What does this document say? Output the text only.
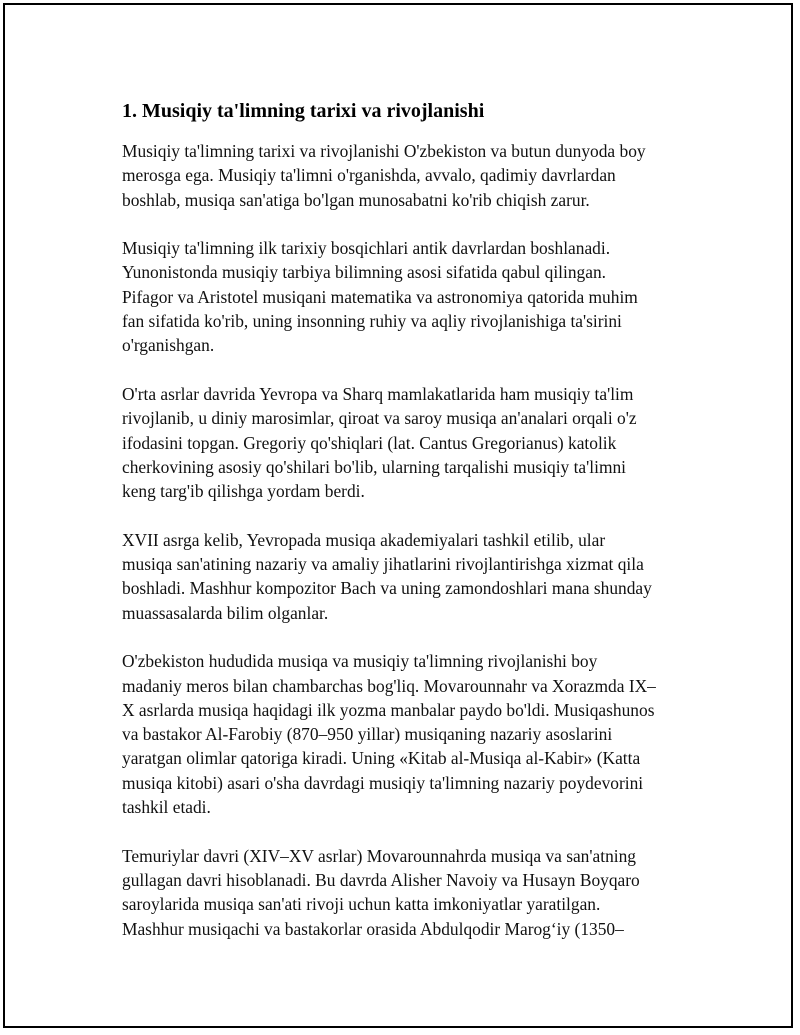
1. Musiqiy ta'limning tarixi va rivojlanishi

Musiqiy ta'limning tarixi va rivojlanishi O'zbekiston va butun dunyoda boy
merosga ega. Musiqiy ta'limni o'rganishda, avvalo, qadimiy davrlardan
boshlab, musiqa san'atiga bo'lgan munosabatni ko'rib chiqish zarur.

Musiqiy ta'limning ilk tarixiy bosqichlari antik davrlardan boshlanadi.
Yunonistonda musiqiy tarbiya bilimning asosi sifatida qabul qilingan.
Pifagor va Aristotel musiqani matematika va astronomiya qatorida muhim
fan sifatida ko'rib, uning insonning ruhiy va aqliy rivojlanishiga ta'sirini
o'rganishgan.

O'rta asrlar davrida Yevropa va Sharq mamlakatlarida ham musiqiy ta'lim
rivojlanib, u diniy marosimlar, qiroat va saroy musiqa an'analari orqali o'z
ifodasini topgan. Gregoriy qo'shiqlari (lat. Cantus Gregorianus) katolik
cherkovining asosiy qo'shilari bo'lib, ularning tarqalishi musiqiy ta'limni
keng targ'ib qilishga yordam berdi.

XVII asrga kelib, Yevropada musiqa akademiyalari tashkil etilib, ular
musiqa san'atining nazariy va amaliy jihatlarini rivojlantirishga xizmat qila
boshladi. Mashhur kompozitor Bach va uning zamondoshlari mana shunday
muassasalarda bilim olganlar.

O'zbekiston hududida musiqa va musiqiy ta'limning rivojlanishi boy
madaniy meros bilan chambarchas bog'liq. Movarounnahr va Xorazmda IX–
X asrlarda musiqa haqidagi ilk yozma manbalar paydo bo'ldi. Musiqashunos
va bastakor Al-Farobiy (870–950 yillar) musiqaning nazariy asoslarini
yaratgan olimlar qatoriga kiradi. Uning «Kitab al-Musiqa al-Kabir» (Katta
musiqa kitobi) asari o'sha davrdagi musiqiy ta'limning nazariy poydevorini
tashkil etadi.

Temuriylar davri (XIV–XV asrlar) Movarounnahrda musiqa va san'atning
gullagan davri hisoblanadi. Bu davrda Alisher Navoiy va Husayn Boyqaro
saroylarida musiqa san'ati rivoji uchun katta imkoniyatlar yaratilgan.
Mashhur musiqachi va bastakorlar orasida Abdulqodir Marog‘iy (1350–
